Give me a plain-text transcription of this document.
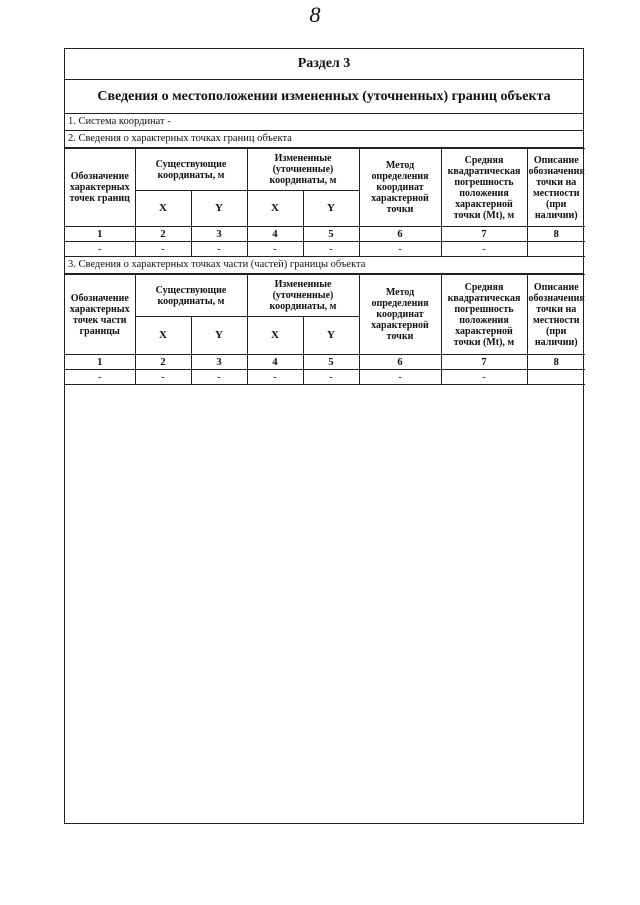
8
Раздел 3
Сведения о местоположении измененных (уточненных) границ объекта
1. Система координат -
2. Сведения о характерных точках границ объекта
Обозначение характерных точек границ	Существующие координаты, м		Измененные (уточненные) координаты, м		Метод определения координат характерной точки	Средняя квадратическая погрешность положения характерной точки (Мt), м	Описание обозначения точки на местности (при наличии)
	X	Y	X	Y			
1	2	3	4	5	6	7	8
-	-	-	-	-	-	-	
3. Сведения о характерных точках части (частей) границы объекта
Обозначение характерных точек части границы	Существующие координаты, м		Измененные (уточненные) координаты, м		Метод определения координат характерной точки	Средняя квадратическая погрешность положения характерной точки (Мt), м	Описание обозначения точки на местности (при наличии)
	X	Y	X	Y			
1	2	3	4	5	6	7	8
-	-	-	-	-	-	-	
